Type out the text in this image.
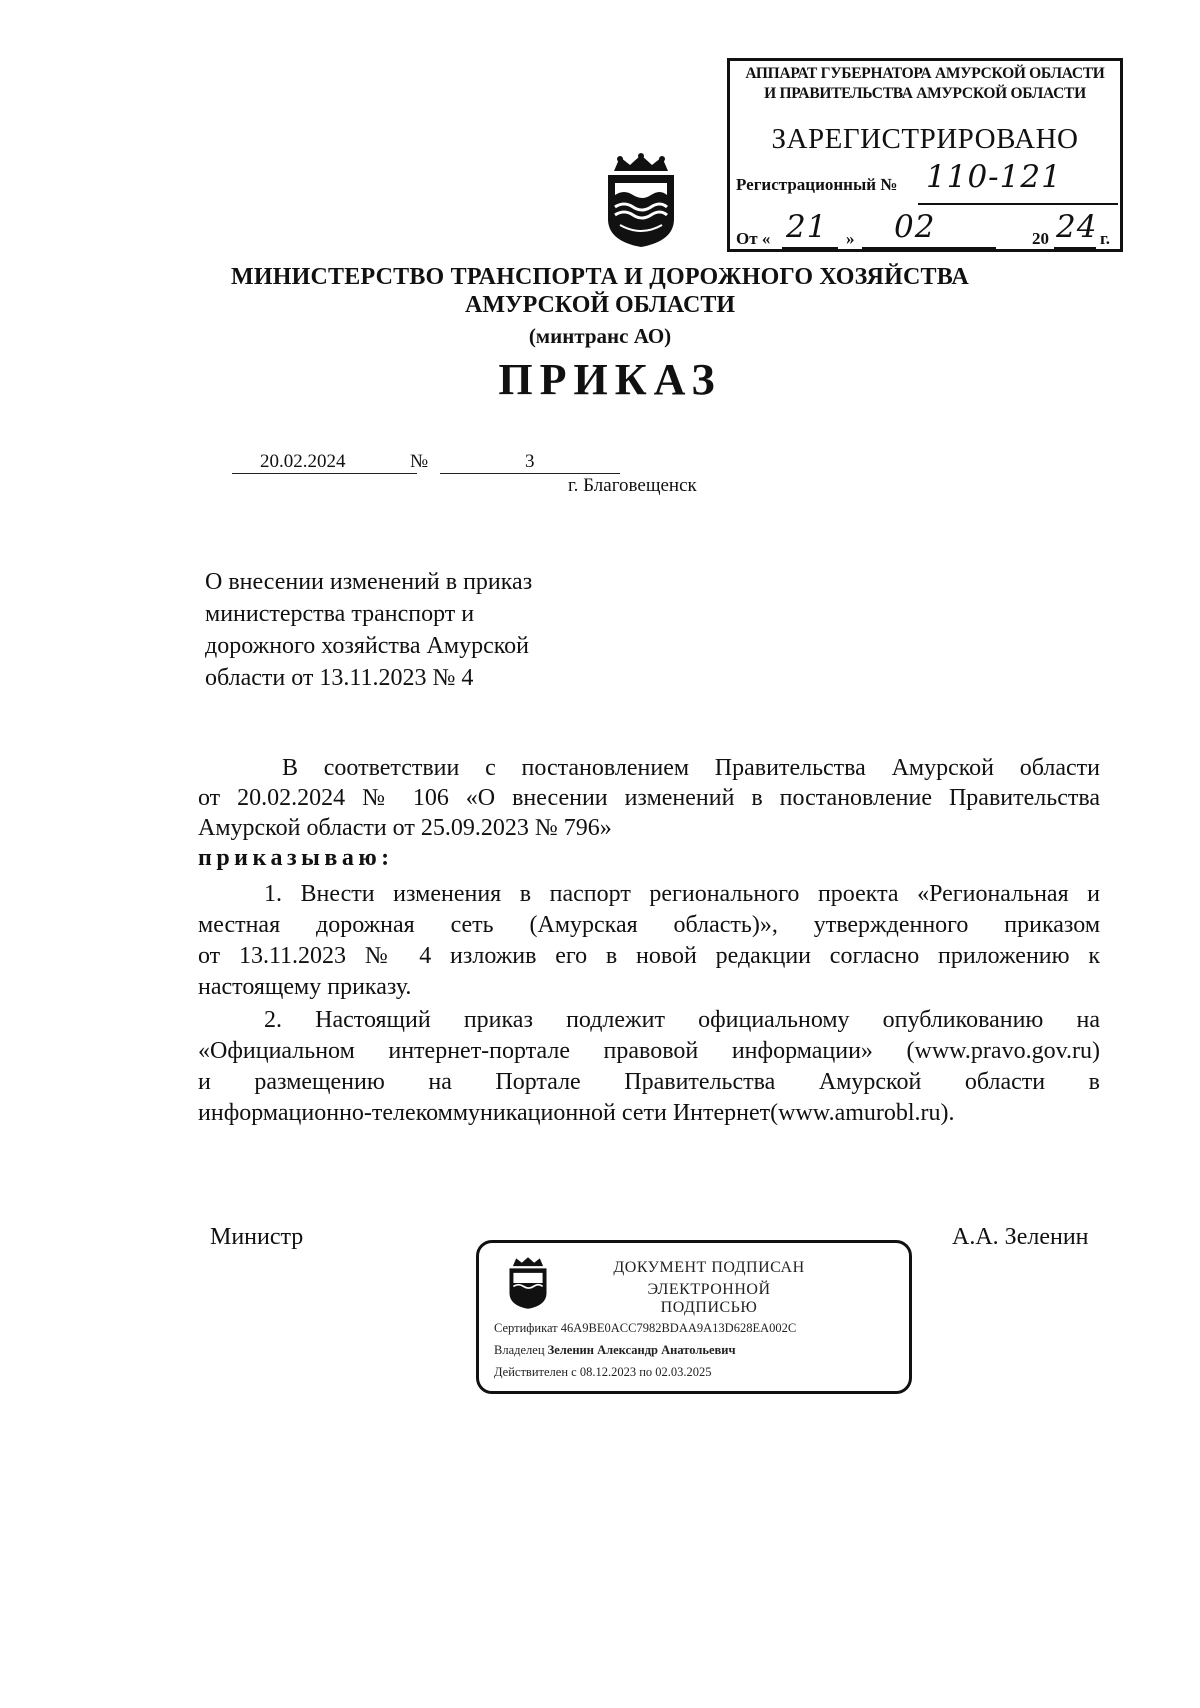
АППАРАТ ГУБЕРНАТОРА АМУРСКОЙ ОБЛАСТИ
И ПРАВИТЕЛЬСТВА АМУРСКОЙ ОБЛАСТИ
ЗАРЕГИСТРИРОВАНО
Регистрационный № 110-121
От « 21 » 02	20 24 г.
МИНИСТЕРСТВО ТРАНСПОРТА И ДОРОЖНОГО ХОЗЯЙСТВА
АМУРСКОЙ ОБЛАСТИ
(минтранс АО)
ПРИКАЗ
20.02.2024	№	3
г. Благовещенск
О внесении изменений в приказ
министерства транспорт и
дорожного хозяйства Амурской
области от 13.11.2023 № 4
В соответствии с постановлением Правительства Амурской области
от 20.02.2024 № 106 «О внесении изменений в постановление Правительства
Амурской области от 25.09.2023 № 796»
приказываю:
1. Внести изменения в паспорт регионального проекта «Региональная и
местная дорожная сеть (Амурская область)», утвержденного приказом
от 13.11.2023 № 4 изложив его в новой редакции согласно приложению к
настоящему приказу.
2. Настоящий приказ подлежит официальному опубликованию на
«Официальном интернет-портале правовой информации» (www.pravo.gov.ru)
и размещению на Портале Правительства Амурской области в
информационно-телекоммуникационной сети Интернет(www.amurobl.ru).
Министр	А.А. Зеленин
ДОКУМЕНТ ПОДПИСАН
ЭЛЕКТРОННОЙ ПОДПИСЬЮ
Сертификат 46A9BE0ACC7982BDAA9A13D628EA002C
Владелец Зеленин Александр Анатольевич
Действителен с 08.12.2023 по 02.03.2025
